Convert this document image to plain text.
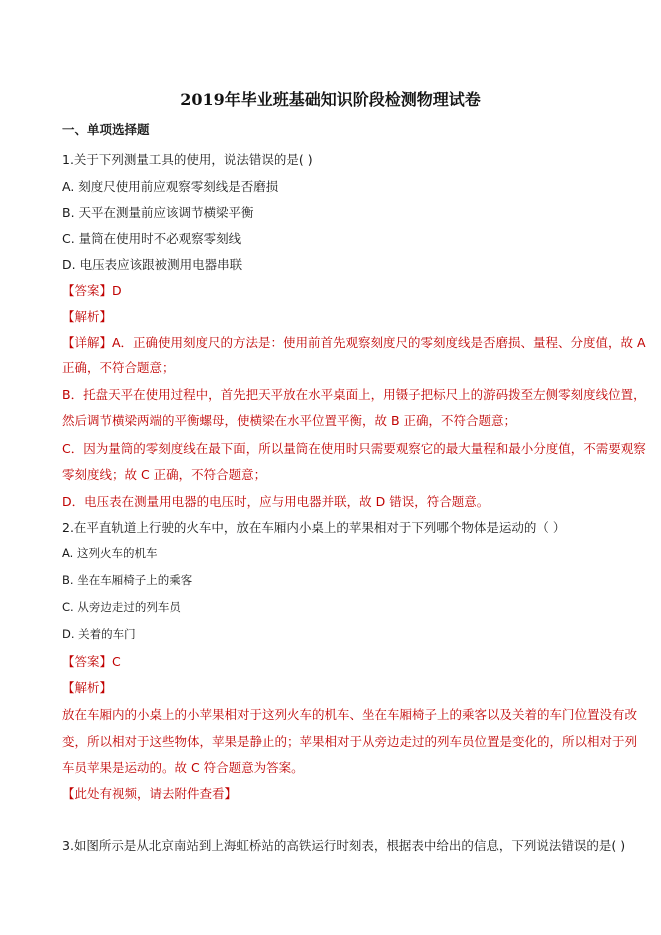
2019年毕业班基础知识阶段检测物理试卷
一、单项选择题
1.关于下列测量工具的使用，说法错误的是( )
A. 刻度尺使用前应观察零刻线是否磨损
B. 天平在测量前应该调节横梁平衡
C. 量筒在使用时不必观察零刻线
D. 电压表应该跟被测用电器串联
【答案】D
【解析】
【详解】A．正确使用刻度尺的方法是：使用前首先观察刻度尺的零刻度线是否磨损、量程、分度值，故 A
正确，不符合题意；
B．托盘天平在使用过程中，首先把天平放在水平桌面上，用镊子把标尺上的游码拨至左侧零刻度线位置，
然后调节横梁两端的平衡螺母，使横梁在水平位置平衡，故 B 正确，不符合题意；
C．因为量筒的零刻度线在最下面，所以量筒在使用时只需要观察它的最大量程和最小分度值，不需要观察
零刻度线；故 C 正确，不符合题意；
D．电压表在测量用电器的电压时，应与用电器并联，故 D 错误，符合题意。
2.在平直轨道上行驶的火车中，放在车厢内小桌上的苹果相对于下列哪个物体是运动的（ ）
A. 这列火车的机车
B. 坐在车厢椅子上的乘客
C. 从旁边走过的列车员
D. 关着的车门
【答案】C
【解析】
放在车厢内的小桌上的小苹果相对于这列火车的机车、坐在车厢椅子上的乘客以及关着的车门位置没有改
变，所以相对于这些物体，苹果是静止的；苹果相对于从旁边走过的列车员位置是变化的，所以相对于列
车员苹果是运动的。故 C 符合题意为答案。
【此处有视频，请去附件查看】
3.如图所示是从北京南站到上海虹桥站的高铁运行时刻表，根据表中给出的信息，下列说法错误的是( )
